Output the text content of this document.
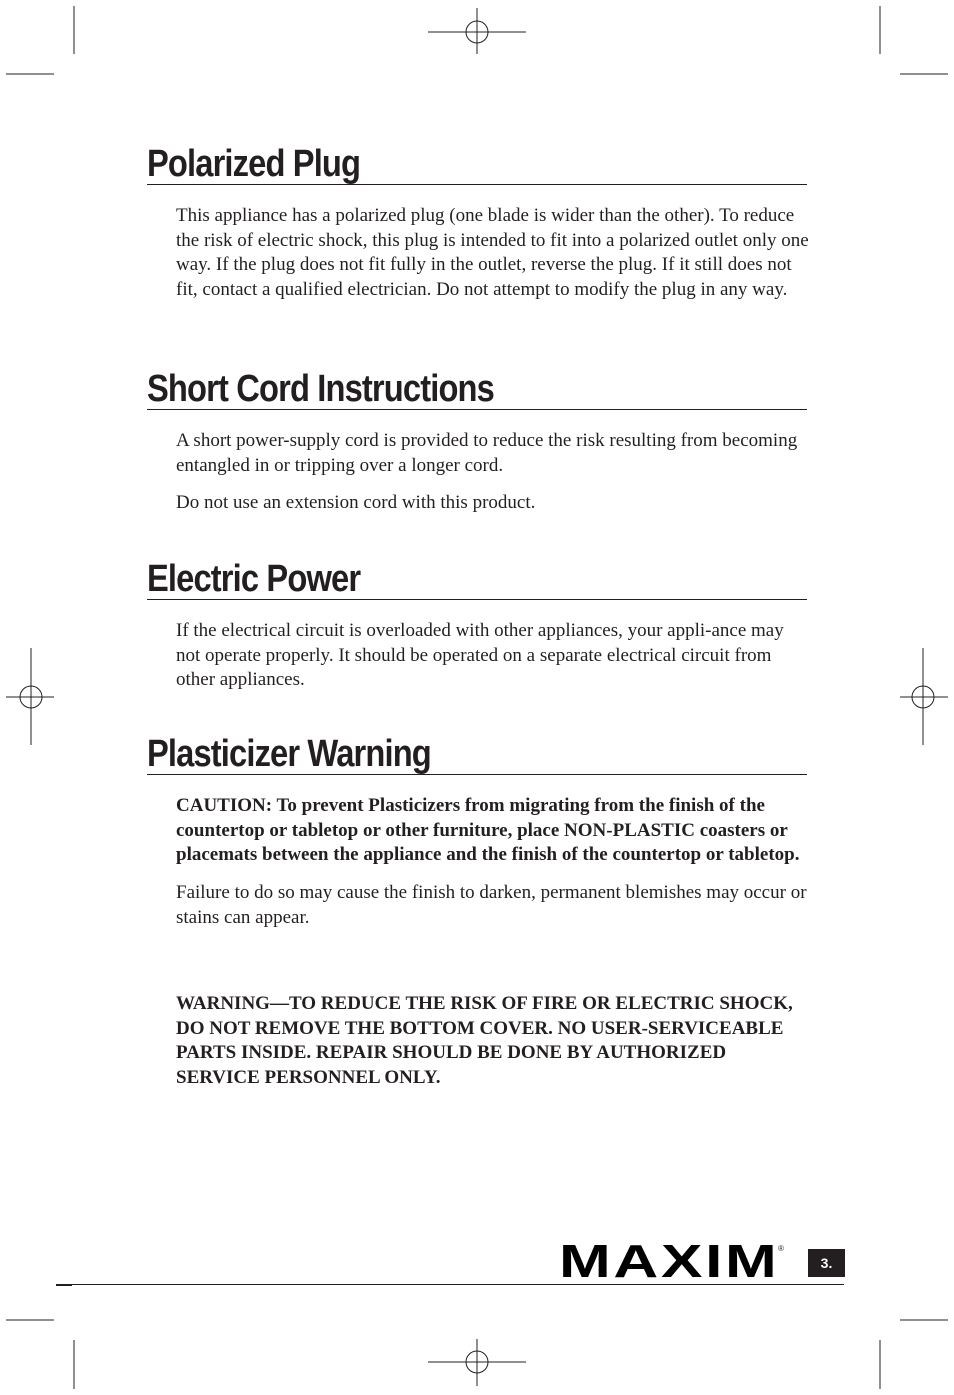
Polarized Plug

This appliance has a polarized plug (one blade is wider than the other). To reduce the risk of electric shock, this plug is intended to fit into a polarized outlet only one way. If the plug does not fit fully in the outlet, reverse the plug. If it still does not fit, contact a qualified electrician. Do not attempt to modify the plug in any way.

Short Cord Instructions

A short power-supply cord is provided to reduce the risk resulting from becoming entangled in or tripping over a longer cord.

Do not use an extension cord with this product.

Electric Power

If the electrical circuit is overloaded with other appliances, your appli-ance may not operate properly. It should be operated on a separate electrical circuit from other appliances.

Plasticizer Warning

CAUTION: To prevent Plasticizers from migrating from the finish of the countertop or tabletop or other furniture, place NON-PLASTIC coasters or placemats between the appliance and the finish of the countertop or tabletop.

Failure to do so may cause the finish to darken, permanent blemishes may occur or stains can appear.

WARNING—TO REDUCE THE RISK OF FIRE OR ELECTRIC SHOCK, DO NOT REMOVE THE BOTTOM COVER. NO USER-SERVICEABLE PARTS INSIDE. REPAIR SHOULD BE DONE BY AUTHORIZED SERVICE PERSONNEL ONLY.

MAXIM
®
3.
